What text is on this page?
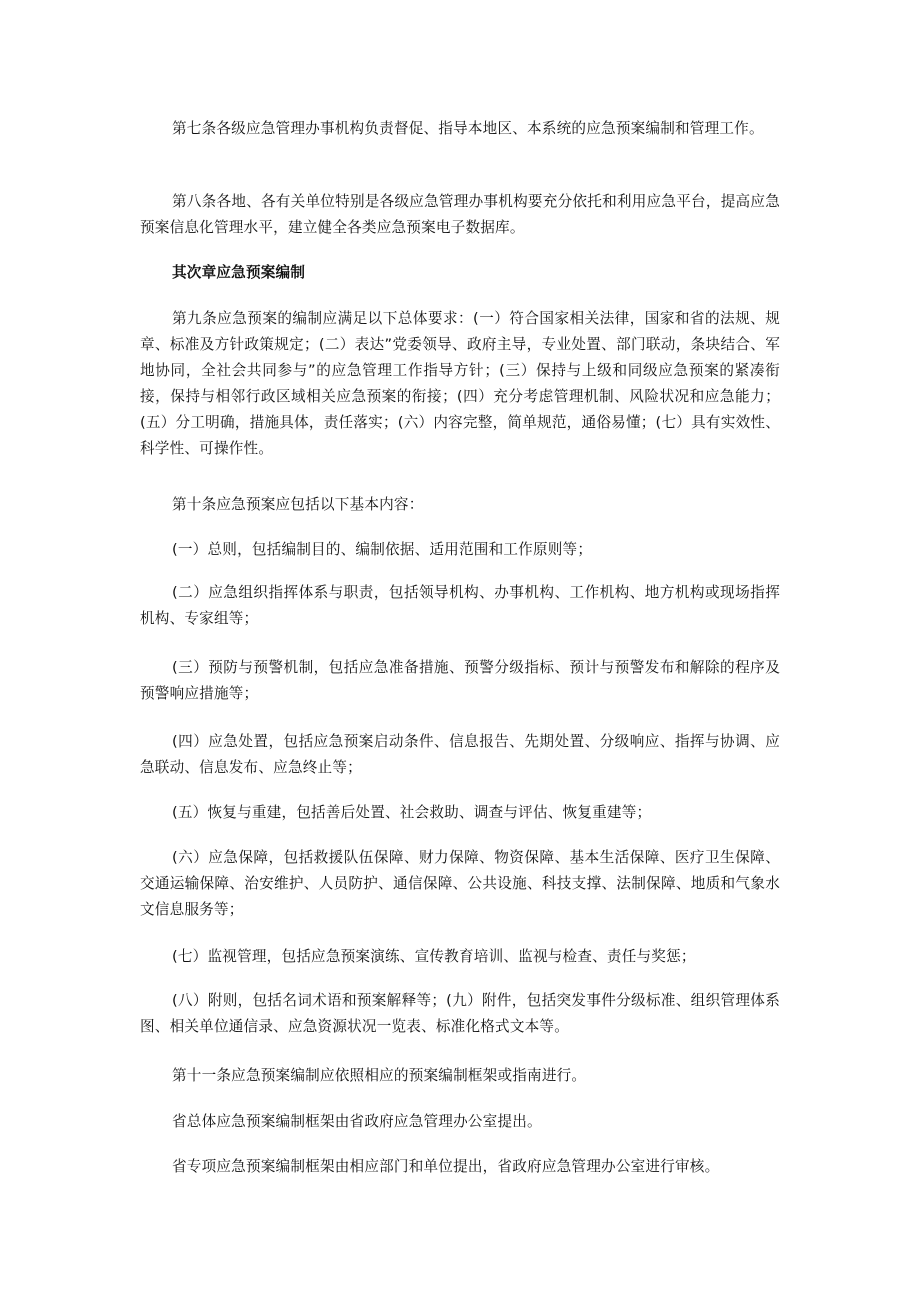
第七条各级应急管理办事机构负责督促、指导本地区、本系统的应急预案编制和管理工作。

第八条各地、各有关单位特别是各级应急管理办事机构要充分依托和利用应急平台，提高应急预案信息化管理水平，建立健全各类应急预案电子数据库。

其次章应急预案编制

第九条应急预案的编制应满足以下总体要求：(一）符合国家相关法律，国家和省的法规、规章、标准及方针政策规定；(二）表达”党委领导、政府主导，专业处置、部门联动，条块结合、军地协同，全社会共同参与”的应急管理工作指导方针；(三）保持与上级和同级应急预案的紧凑衔接，保持与相邻行政区域相关应急预案的衔接；(四）充分考虑管理机制、风险状况和应急能力；(五）分工明确，措施具体，责任落实；(六）内容完整，简单规范，通俗易懂；(七）具有实效性、科学性、可操作性。

第十条应急预案应包括以下基本内容：

(一）总则，包括编制目的、编制依据、适用范围和工作原则等；

(二）应急组织指挥体系与职责，包括领导机构、办事机构、工作机构、地方机构或现场指挥机构、专家组等；

(三）预防与预警机制，包括应急准备措施、预警分级指标、预计与预警发布和解除的程序及预警响应措施等；

(四）应急处置，包括应急预案启动条件、信息报告、先期处置、分级响应、指挥与协调、应急联动、信息发布、应急终止等；

(五）恢复与重建，包括善后处置、社会救助、调查与评估、恢复重建等；

(六）应急保障，包括救援队伍保障、财力保障、物资保障、基本生活保障、医疗卫生保障、交通运输保障、治安维护、人员防护、通信保障、公共设施、科技支撑、法制保障、地质和气象水文信息服务等；

(七）监视管理，包括应急预案演练、宣传教育培训、监视与检查、责任与奖惩；

(八）附则，包括名词术语和预案解释等；(九）附件，包括突发事件分级标准、组织管理体系图、相关单位通信录、应急资源状况一览表、标准化格式文本等。

第十一条应急预案编制应依照相应的预案编制框架或指南进行。

省总体应急预案编制框架由省政府应急管理办公室提出。

省专项应急预案编制框架由相应部门和单位提出，省政府应急管理办公室进行审核。
